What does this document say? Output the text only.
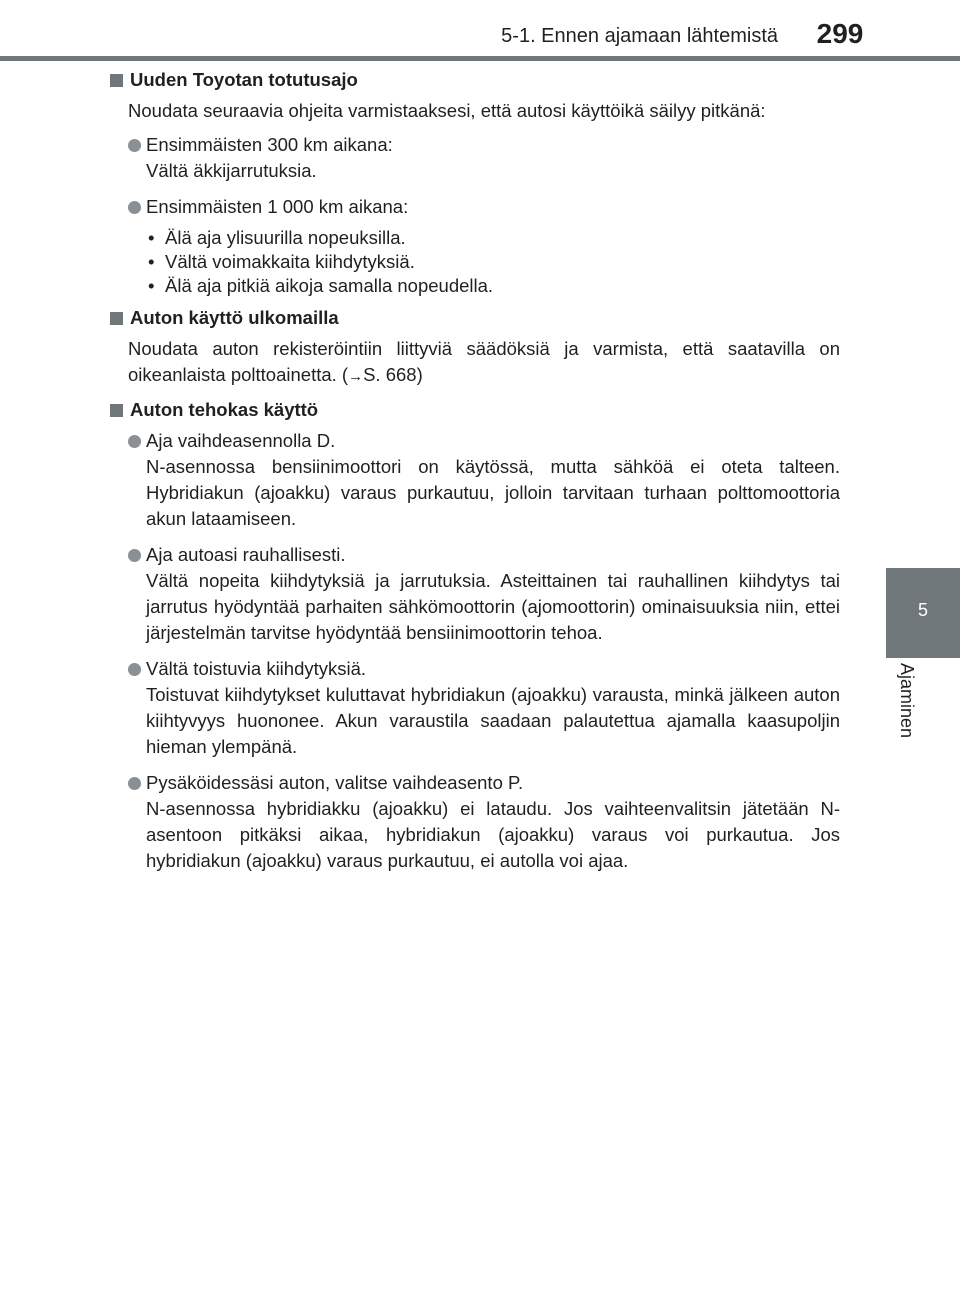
5-1. Ennen ajamaan lähtemistä	299
5
Ajaminen
Uuden Toyotan totutusajo

Noudata seuraavia ohjeita varmistaaksesi, että autosi käyttöikä säilyy pitkänä:

Ensimmäisten 300 km aikana:
Vältä äkkijarrutuksia.
Ensimmäisten 1 000 km aikana:
• Älä aja ylisuurilla nopeuksilla.
• Vältä voimakkaita kiihdytyksiä.
• Älä aja pitkiä aikoja samalla nopeudella.
Auton käyttö ulkomailla

Noudata auton rekisteröintiin liittyviä säädöksiä ja varmista, että saatavilla on oikeanlaista polttoainetta. (→S. 668)

Auton tehokas käyttö
Aja vaihdeasennolla D.
N-asennossa bensiinimoottori on käytössä, mutta sähköä ei oteta talteen. Hybridiakun (ajoakku) varaus purkautuu, jolloin tarvitaan turhaan polttomoottoria akun lataamiseen.
Aja autoasi rauhallisesti.
Vältä nopeita kiihdytyksiä ja jarrutuksia. Asteittainen tai rauhallinen kiihdytys tai jarrutus hyödyntää parhaiten sähkömoottorin (ajomoottorin) ominaisuuksia niin, ettei järjestelmän tarvitse hyödyntää bensiinimoottorin tehoa.
Vältä toistuvia kiihdytyksiä.
Toistuvat kiihdytykset kuluttavat hybridiakun (ajoakku) varausta, minkä jälkeen auton kiihtyvyys huononee. Akun varaustila saadaan palautettua ajamalla kaasupoljin hieman ylempänä.
Pysäköidessäsi auton, valitse vaihdeasento P.
N-asennossa hybridiakku (ajoakku) ei lataudu. Jos vaihteenvalitsin jätetään N-asentoon pitkäksi aikaa, hybridiakun (ajoakku) varaus voi purkautua. Jos hybridiakun (ajoakku) varaus purkautuu, ei autolla voi ajaa.
